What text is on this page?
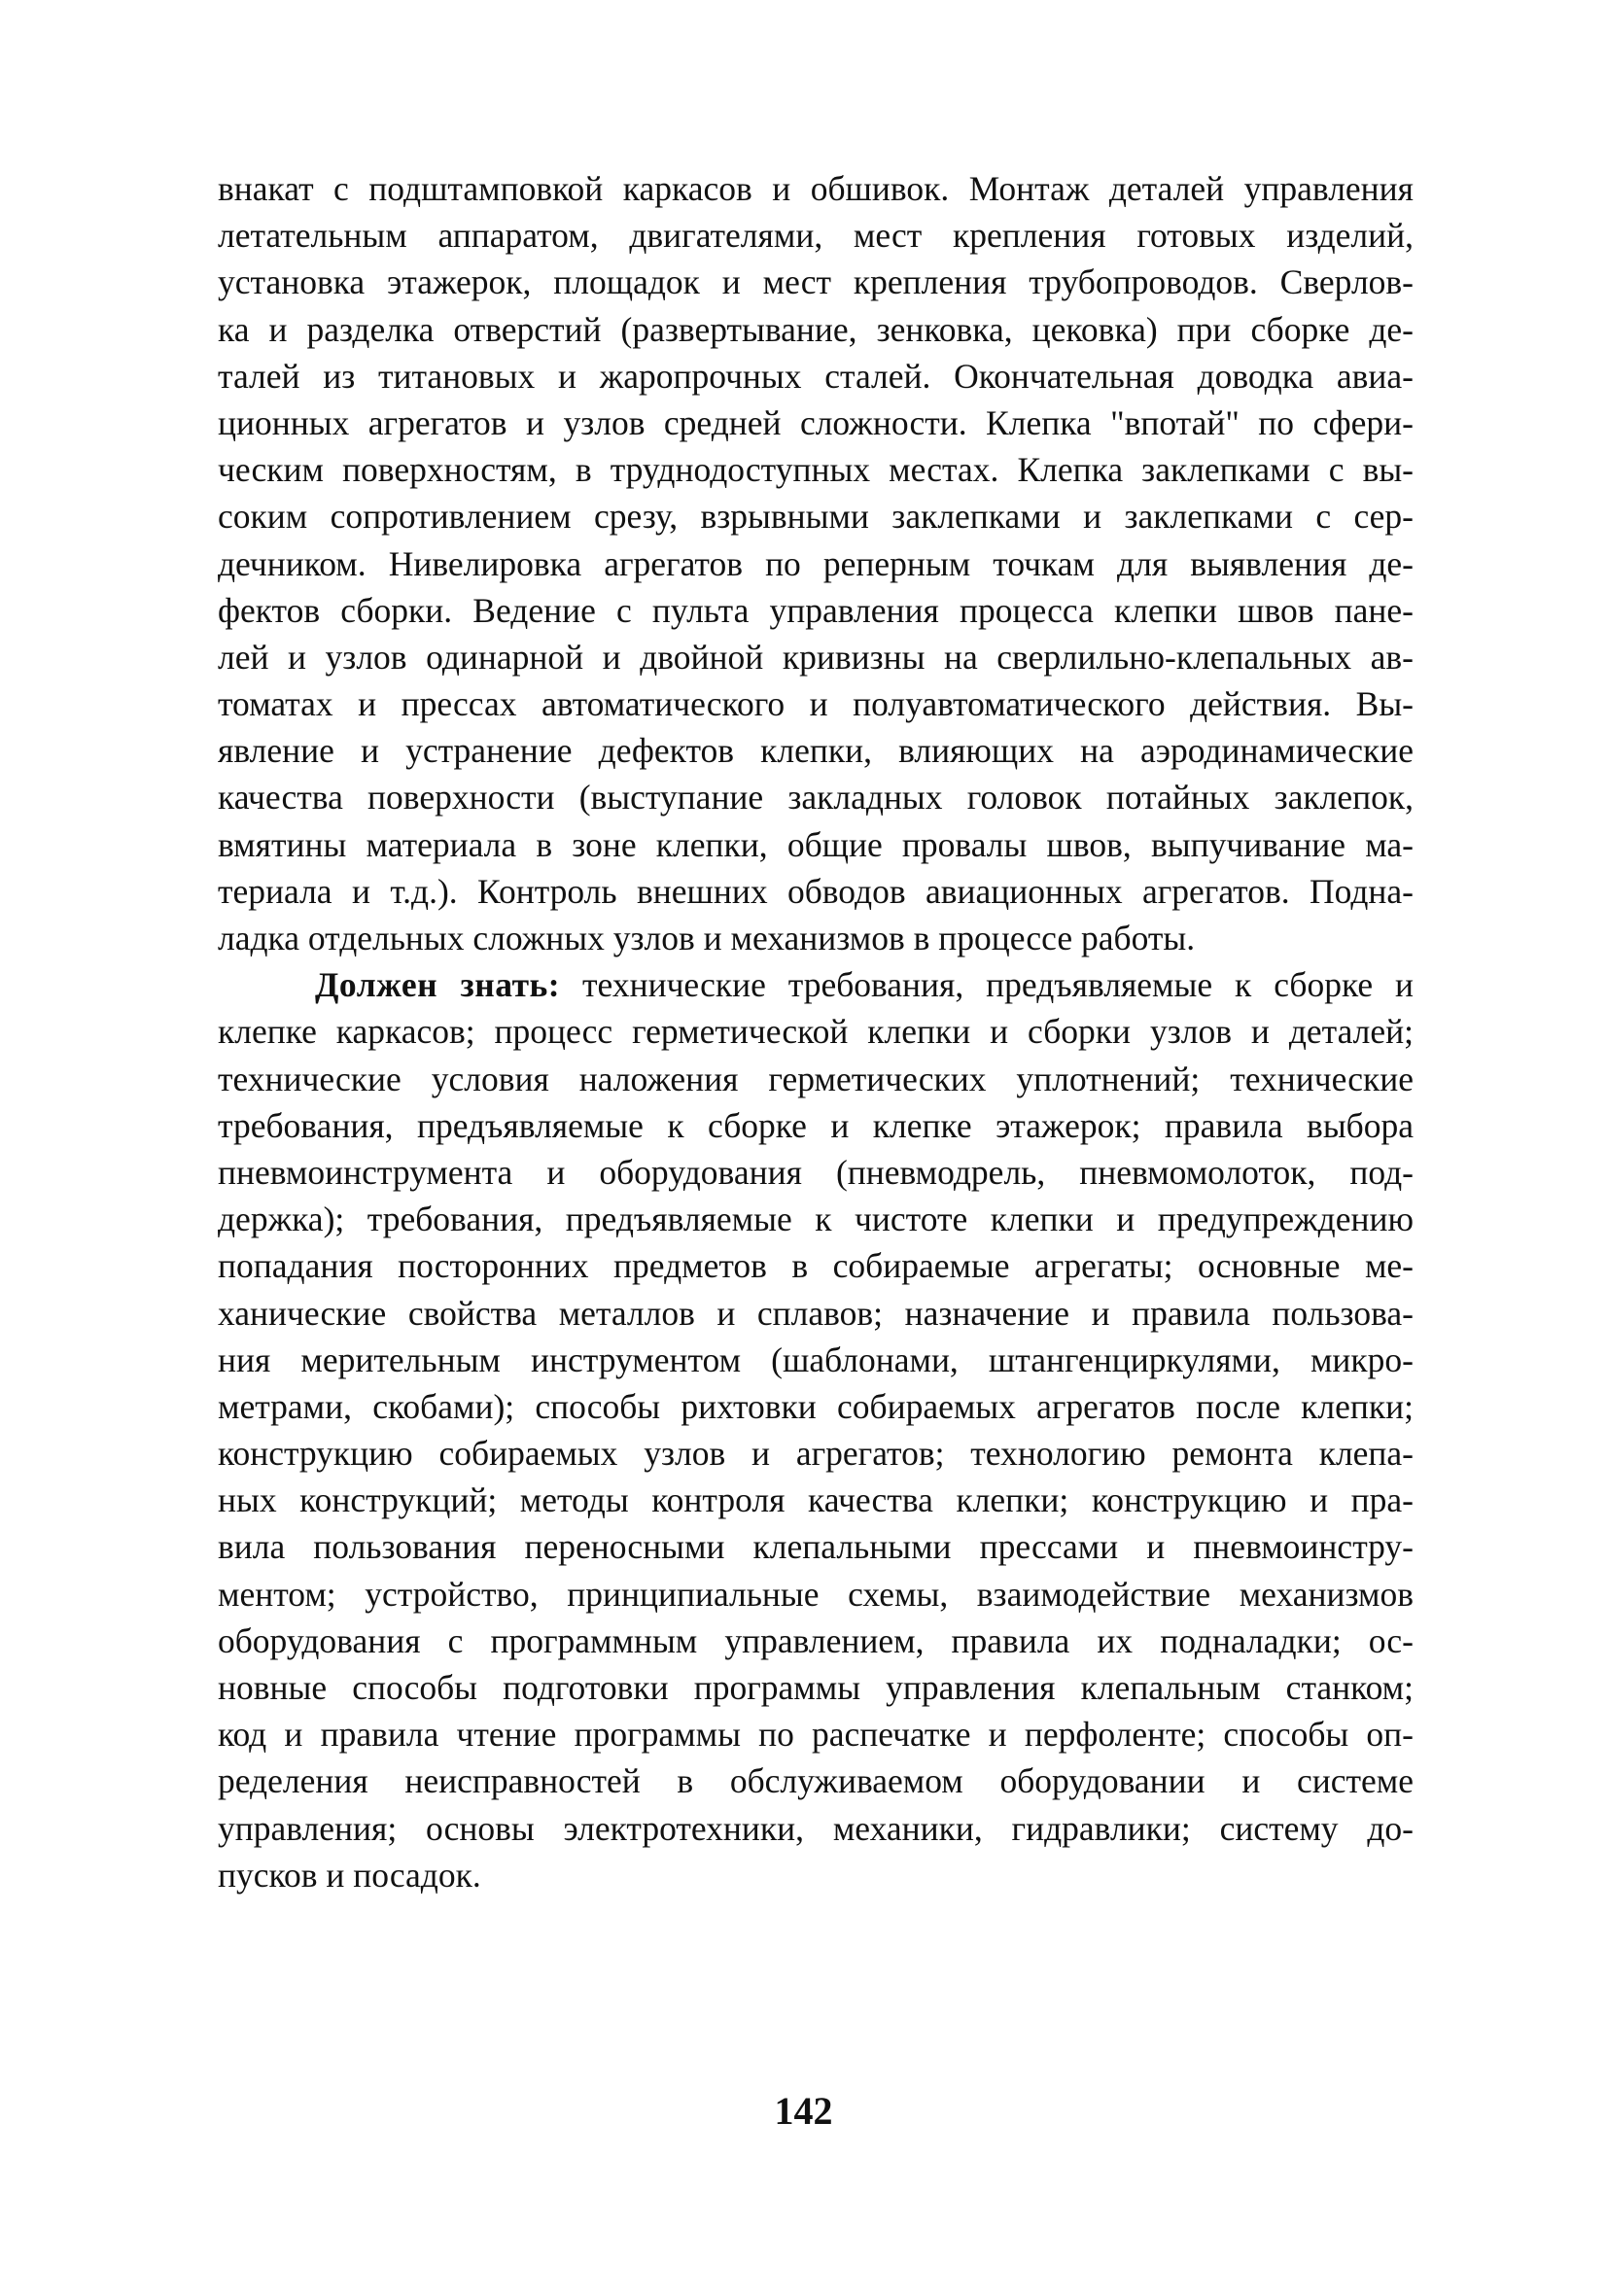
внакат с подштамповкой каркасов и обшивок. Монтаж деталей управления
летательным аппаратом, двигателями, мест крепления готовых изделий,
установка этажерок, площадок и мест крепления трубопроводов. Сверлов-
ка и разделка отверстий (развертывание, зенковка, цековка) при сборке де-
талей из титановых и жаропрочных сталей. Окончательная доводка авиа-
ционных агрегатов и узлов средней сложности. Клепка "впотай" по сфери-
ческим поверхностям, в труднодоступных местах. Клепка заклепками с вы-
соким сопротивлением срезу, взрывными заклепками и заклепками с сер-
дечником. Нивелировка агрегатов по реперным точкам для выявления де-
фектов сборки. Ведение с пульта управления процесса клепки швов пане-
лей и узлов одинарной и двойной кривизны на сверлильно-клепальных ав-
томатах и прессах автоматического и полуавтоматического действия. Вы-
явление и устранение дефектов клепки, влияющих на аэродинамические
качества поверхности (выступание закладных головок потайных заклепок,
вмятины материала в зоне клепки, общие провалы швов, выпучивание ма-
териала и т.д.). Контроль внешних обводов авиационных агрегатов. Подна-
ладка отдельных сложных узлов и механизмов в процессе работы.
Должен знать: технические требования, предъявляемые к сборке и
клепке каркасов; процесс герметической клепки и сборки узлов и деталей;
технические условия наложения герметических уплотнений; технические
требования, предъявляемые к сборке и клепке этажерок; правила выбора
пневмоинструмента и оборудования (пневмодрель, пневмомолоток, под-
держка); требования, предъявляемые к чистоте клепки и предупреждению
попадания посторонних предметов в собираемые агрегаты; основные ме-
ханические свойства металлов и сплавов; назначение и правила пользова-
ния мерительным инструментом (шаблонами, штангенциркулями, микро-
метрами, скобами); способы рихтовки собираемых агрегатов после клепки;
конструкцию собираемых узлов и агрегатов; технологию ремонта клепа-
ных конструкций; методы контроля качества клепки; конструкцию и пра-
вила пользования переносными клепальными прессами и пневмоинстру-
ментом; устройство, принципиальные схемы, взаимодействие механизмов
оборудования с программным управлением, правила их подналадки; ос-
новные способы подготовки программы управления клепальным станком;
код и правила чтение программы по распечатке и перфоленте; способы оп-
ределения неисправностей в обслуживаемом оборудовании и системе
управления; основы электротехники, механики, гидравлики; систему до-
пусков и посадок.
142
